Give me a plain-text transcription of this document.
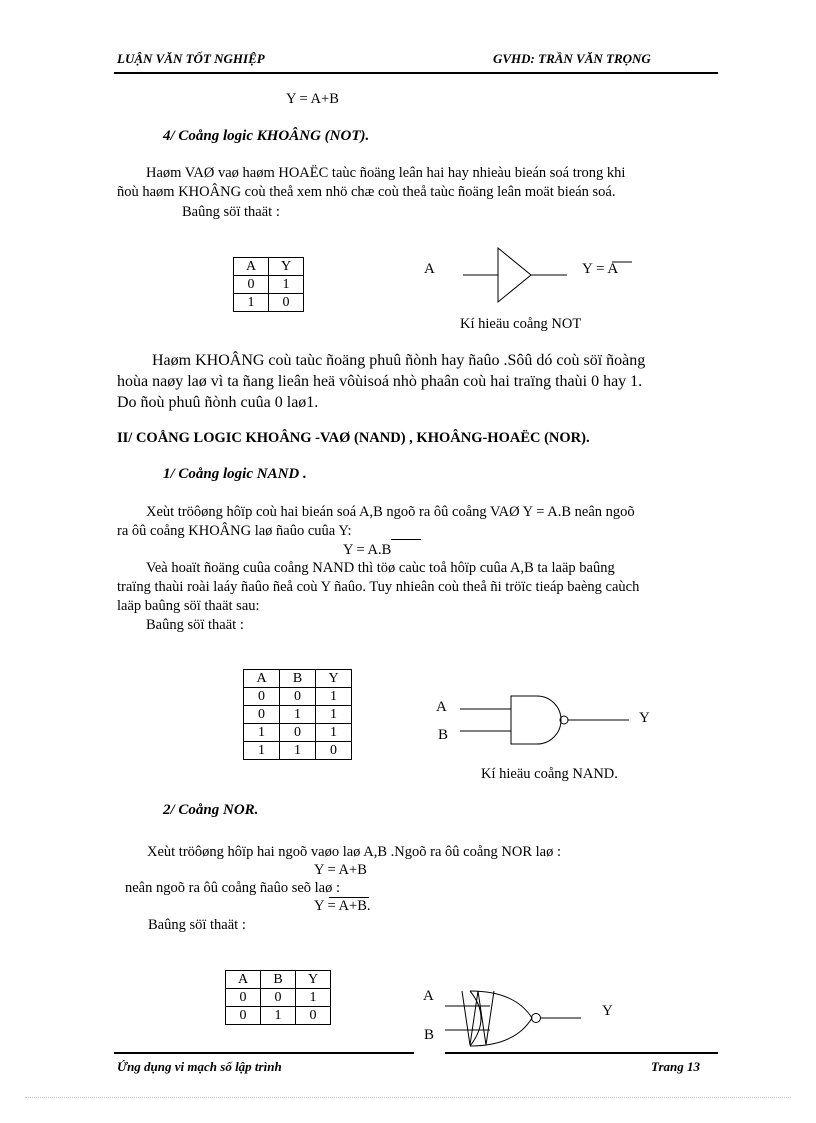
LUẬN VĂN TỐT NGHIỆP	GVHD: TRẦN VĂN TRỌNG
Y = A+B
4/ Coång logic KHOÂNG (NOT).
Haøm VAØ vaø haøm HOAËC taùc ñoäng leân hai hay nhieàu bieán soá trong khi
ñoù haøm KHOÂNG coù theå xem nhö chæ coù theå taùc ñoäng leân moät bieán soá.
Baûng söï thaät :
A	Y
0	1
1	0
A	Y = A
Kí hieäu coång NOT
Haøm KHOÂNG coù taùc ñoäng phuû ñònh hay ñaûo .Sôû dó coù söï ñoàng
hoùa naøy laø vì ta ñang lieân heä vôùisoá nhò phaân coù hai traïng thaùi 0 hay 1.
Do ñoù phuû ñònh cuûa 0 laø1.
II/ COÅNG LOGIC KHOÂNG -VAØ (NAND) , KHOÂNG-HOAËC (NOR).
1/ Coång logic NAND .
Xeùt tröôøng hôïp coù hai bieán soá A,B ngoõ ra ôû coång VAØ Y = A.B neân ngoõ
ra ôû coång KHOÂNG laø ñaûo cuûa Y:
Y = A.B
Veà hoaït ñoäng cuûa coång NAND thì töø caùc toå hôïp cuûa A,B ta laäp baûng
traïng thaùi roài laáy ñaûo ñeå coù Y ñaûo. Tuy nhieân coù theå ñi tröïc tieáp baèng caùch
laäp baûng söï thaät sau:
Baûng söï thaät :
A	B	Y
0	0	1
0	1	1
1	0	1
1	1	0
A
B
Y
Kí hieäu coång NAND.
2/ Coång NOR.
Xeùt tröôøng hôïp hai ngoõ vaøo laø A,B .Ngoõ ra ôû coång NOR laø :
Y = A+B
neân ngoõ ra ôû coång ñaûo seõ laø :
Y = A+B.
Baûng söï thaät :
A	B	Y
0	0	1
0	1	0
A
B
Y
Ứng dụng vi mạch số lập trình	Trang 13
